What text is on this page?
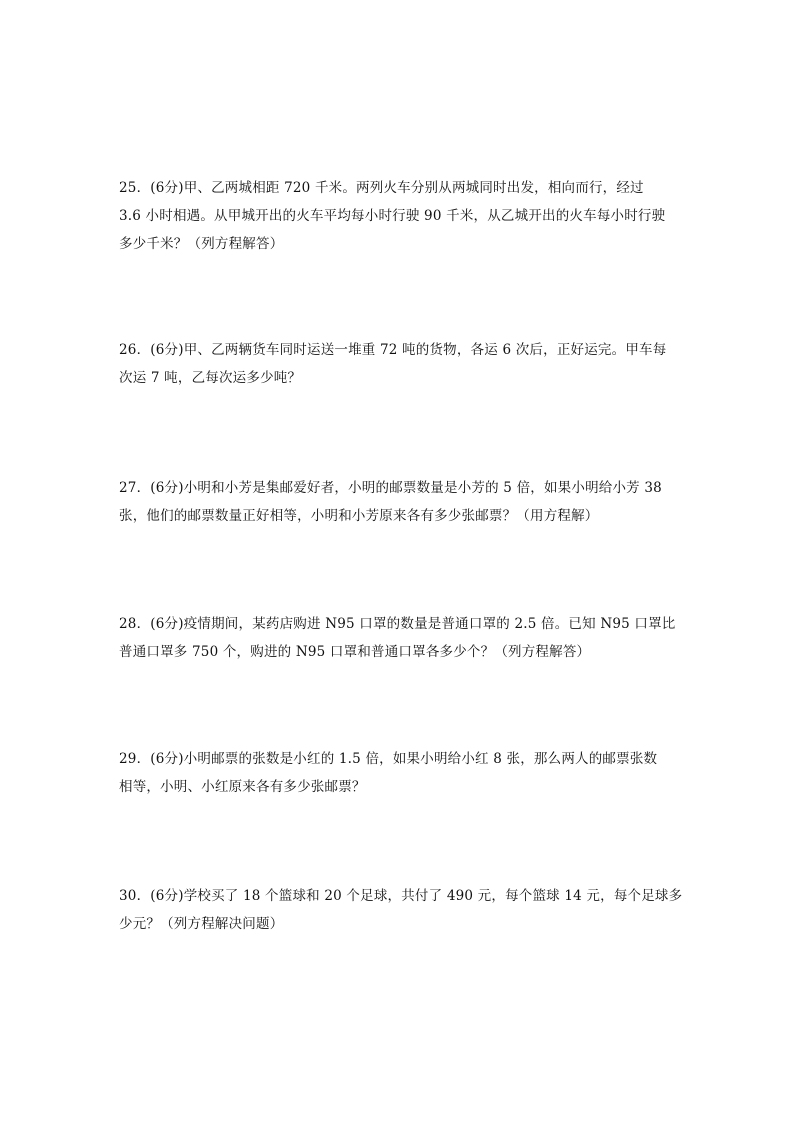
25．(6分)甲、乙两城相距 720 千米。两列火车分别从两城同时出发，相向而行，经过

3.6 小时相遇。从甲城开出的火车平均每小时行驶 90 千米，从乙城开出的火车每小时行驶

多少千米？（列方程解答）

26．(6分)甲、乙两辆货车同时运送一堆重 72 吨的货物，各运 6 次后，正好运完。甲车每

次运 7 吨，乙每次运多少吨？

27．(6分)小明和小芳是集邮爱好者，小明的邮票数量是小芳的 5 倍，如果小明给小芳 38

张，他们的邮票数量正好相等，小明和小芳原来各有多少张邮票？（用方程解）

28．(6分)疫情期间，某药店购进 N95 口罩的数量是普通口罩的 2.5 倍。已知 N95 口罩比

普通口罩多 750 个，购进的 N95 口罩和普通口罩各多少个？（列方程解答）

29．(6分)小明邮票的张数是小红的 1.5 倍，如果小明给小红 8 张，那么两人的邮票张数

相等，小明、小红原来各有多少张邮票？

30．(6分)学校买了 18 个篮球和 20 个足球，共付了 490 元，每个篮球 14 元，每个足球多

少元？（列方程解决问题）
